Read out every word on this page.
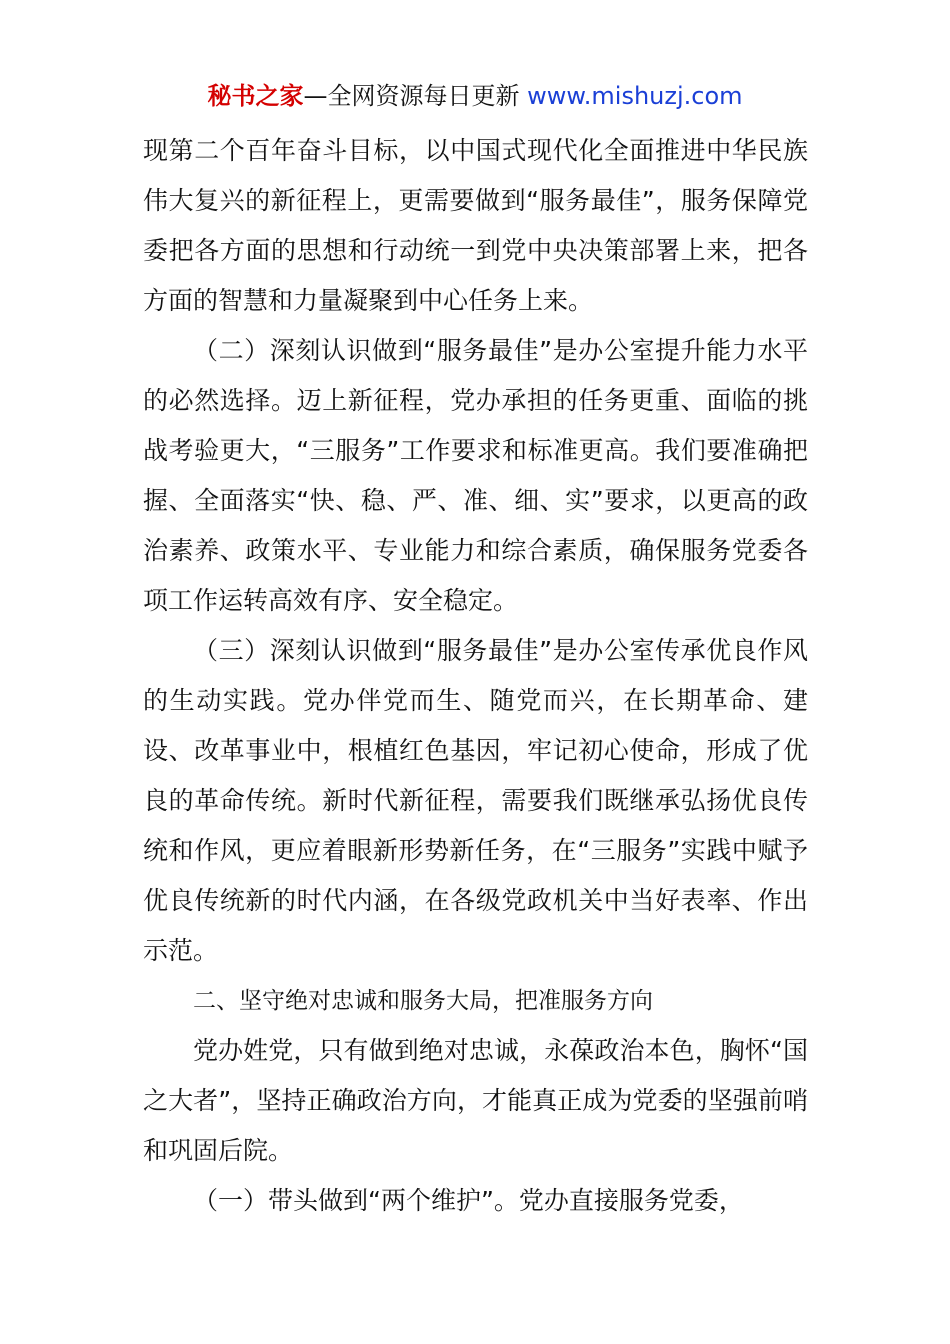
秘书之家—全网资源每日更新 www.mishuzj.com

现第二个百年奋斗目标，以中国式现代化全面推进中华民族伟大复兴的新征程上，更需要做到“服务最佳”，服务保障党委把各方面的思想和行动统一到党中央决策部署上来，把各方面的智慧和力量凝聚到中心任务上来。

（二）深刻认识做到“服务最佳”是办公室提升能力水平的必然选择。迈上新征程，党办承担的任务更重、面临的挑战考验更大，“三服务”工作要求和标准更高。我们要准确把握、全面落实“快、稳、严、准、细、实”要求，以更高的政治素养、政策水平、专业能力和综合素质，确保服务党委各项工作运转高效有序、安全稳定。

（三）深刻认识做到“服务最佳”是办公室传承优良作风的生动实践。党办伴党而生、随党而兴，在长期革命、建设、改革事业中，根植红色基因，牢记初心使命，形成了优良的革命传统。新时代新征程，需要我们既继承弘扬优良传统和作风，更应着眼新形势新任务，在“三服务”实践中赋予优良传统新的时代内涵，在各级党政机关中当好表率、作出示范。

二、坚守绝对忠诚和服务大局，把准服务方向

党办姓党，只有做到绝对忠诚，永葆政治本色，胸怀“国之大者”，坚持正确政治方向，才能真正成为党委的坚强前哨和巩固后院。

（一）带头做到“两个维护”。党办直接服务党委，
